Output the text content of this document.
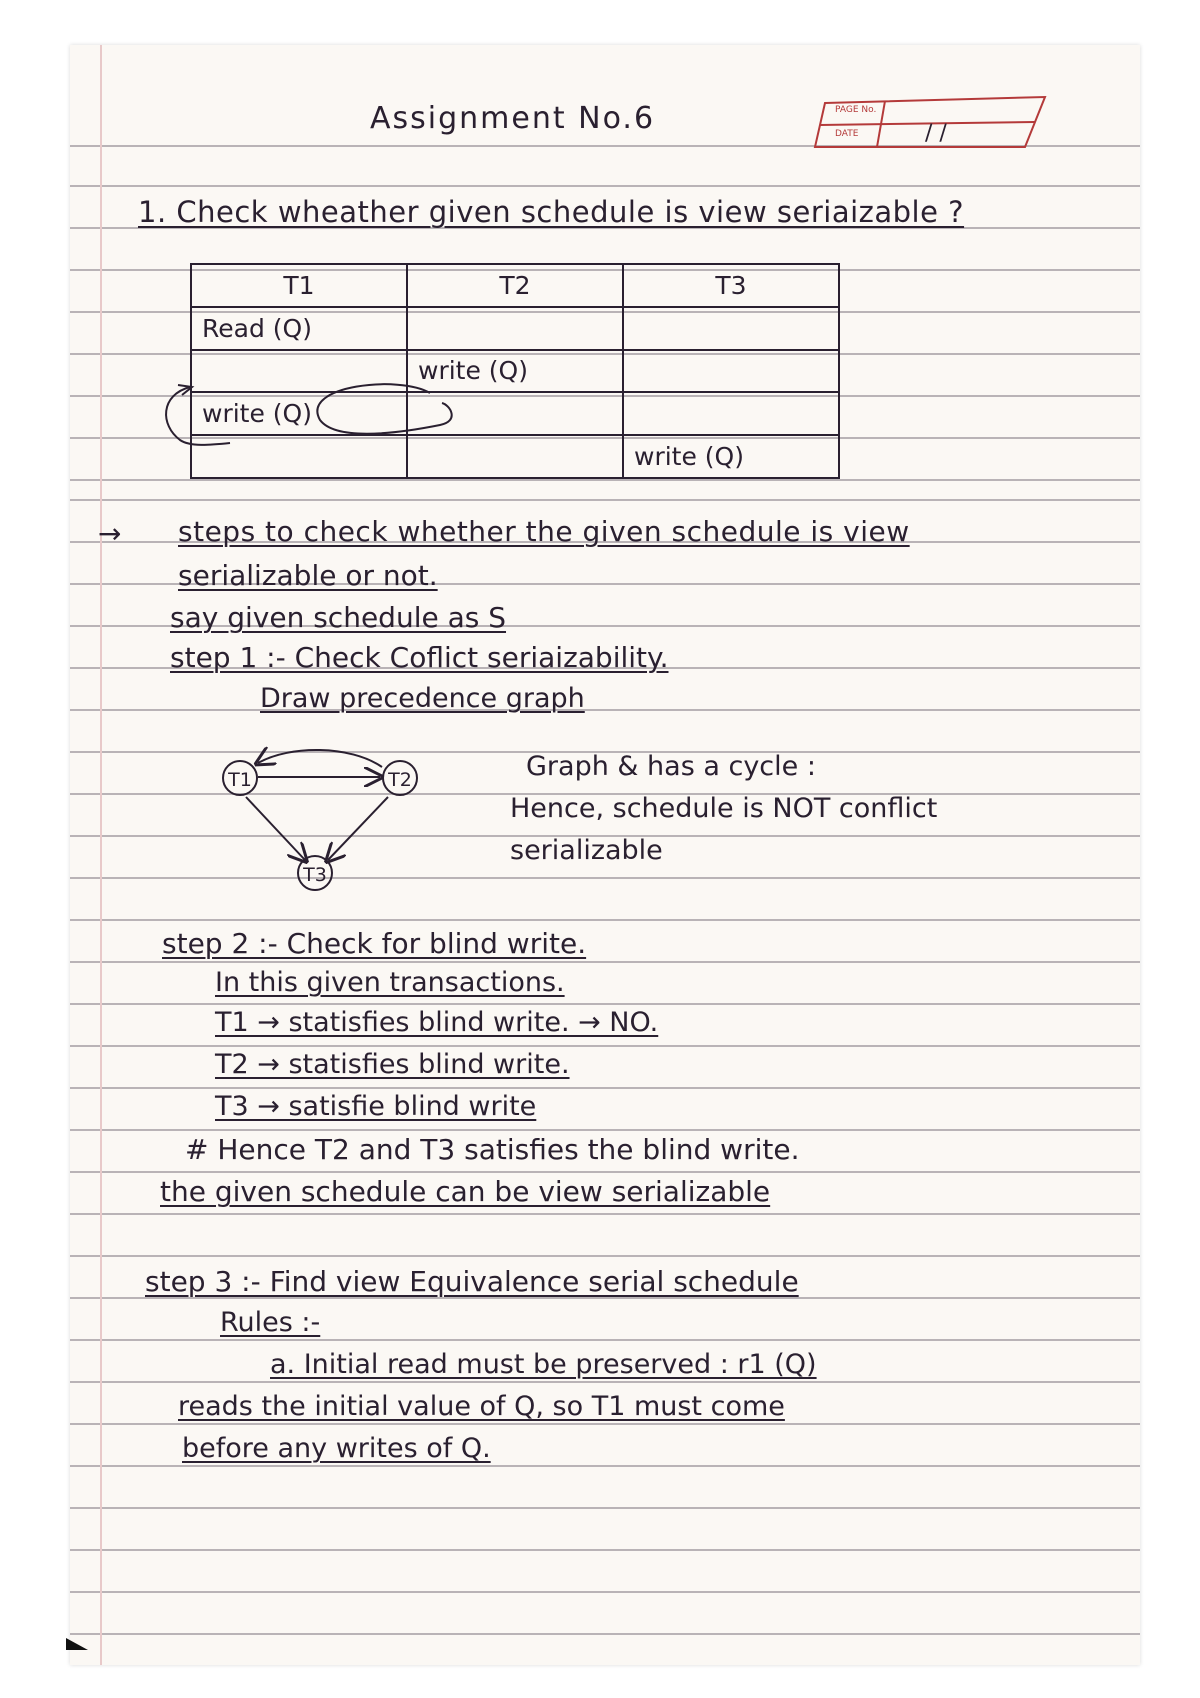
Assignment No.6	PAGE No.
DATE	/ /
1. Check wheather given schedule is view seriaizable ?
T1	T2	T3
Read (Q)		
	write (Q)	
write (Q)		
		write (Q)
→ steps to check whether the given schedule is view
serializable or not.
say given schedule as S
step 1 :- Check Coflict seriaizability.
Draw precedence graph
T1	T2
T3
Graph & has a cycle :
Hence, schedule is NOT conflict
serializable
step 2 :- Check for blind write.
In this given transactions.
T1 → statisfies blind write. → NO.
T2 → statisfies blind write.
T3 → satisfie blind write
# Hence T2 and T3 satisfies the blind write.
the given schedule can be view serializable
step 3 :- Find view Equivalence serial schedule
Rules :-
a. Initial read must be preserved : r1 (Q)
reads the initial value of Q, so T1 must come
before any writes of Q.
